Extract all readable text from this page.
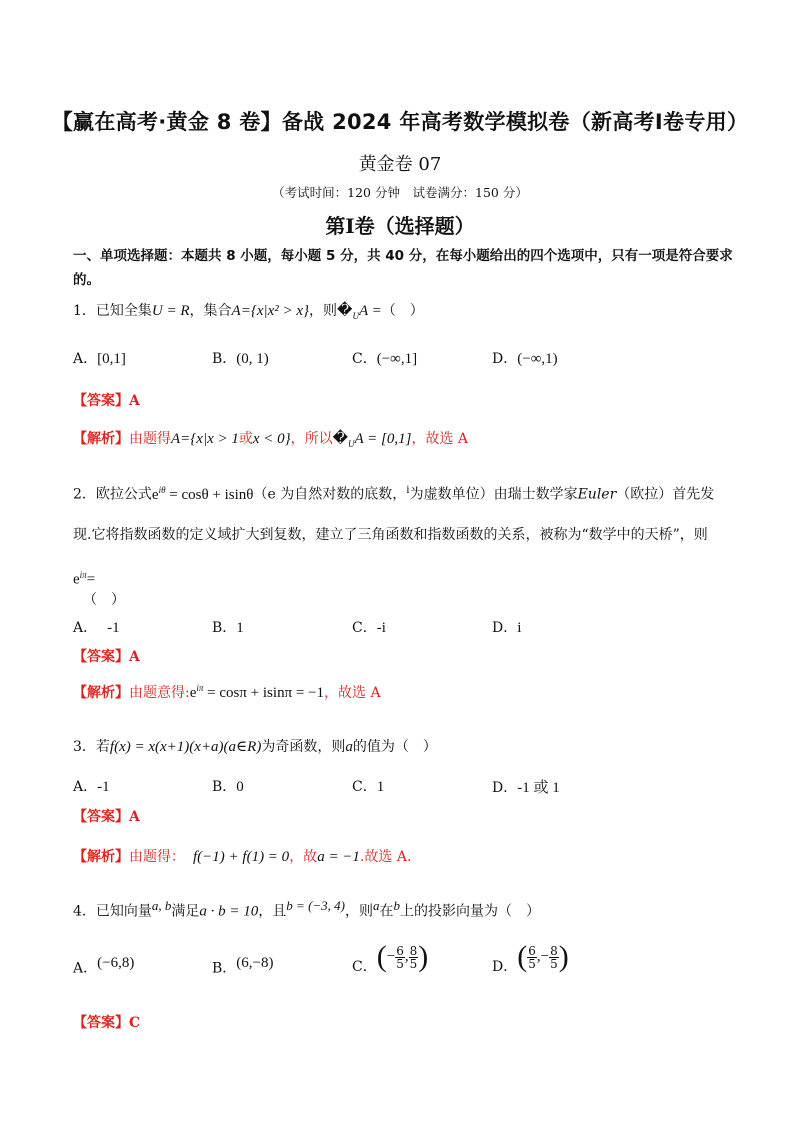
【赢在高考·黄金 8 卷】备战 2024 年高考数学模拟卷（新高考Ⅰ卷专用）
黄金卷 07
（考试时间：120 分钟　试卷满分：150 分）
第Ⅰ卷（选择题）
一、单项选择题：本题共 8 小题，每小题 5 分，共 40 分，在每小题给出的四个选项中，只有一项是符合要求的。
1．已知全集U = R，集合A={x|x² > x}，则$�_UA$ =（　）
A．[0,1]	B．(0, 1)	C．(−∞,1]	D．(−∞,1)
【答案】A
【解析】由题得A={x|x > 1或x < 0}，所以$�_UA = [0,1]$，故选 A
2．欧拉公式$e^{i\theta} = \cos\theta + isin\theta(e$ 为自然对数的底数，$^i$为虚数单位）由瑞士数学家Euler（欧拉）首先发
现.它将指数函数的定义域扩大到复数，建立了三角函数和指数函数的关系，被称为“数学中的天桥”，则
$e^{i\pi}=$
（　）
A． -1	B．1	C．-i	D．i
【答案】A
【解析】由题意得$:e^{i\pi} = \cos\pi + isin\pi = -1$，故选 A
3．若f(x) = x(x+1)(x+a)(a∈R)为奇函数，则a的值为（　）
A．-1	B．0	C．1	D．-1 或 1
【答案】A
【解析】由题得： f(−1) + f(1) = 0，故a = −1.故选 A.
4．已知向量$^{a, b}$满足a · b = 10，且$^{b = (-3, 4)}$，则$^a$在$^b$上的投影向量为（　）
A．$^{(-6,8)}$	B．$^{(6,-8)}$	C．(− $\frac{6}{5}$ , $\frac{8}{5}$ )	D．( $\frac{6}{5}$ ,− $\frac{8}{5}$ )
【答案】C
